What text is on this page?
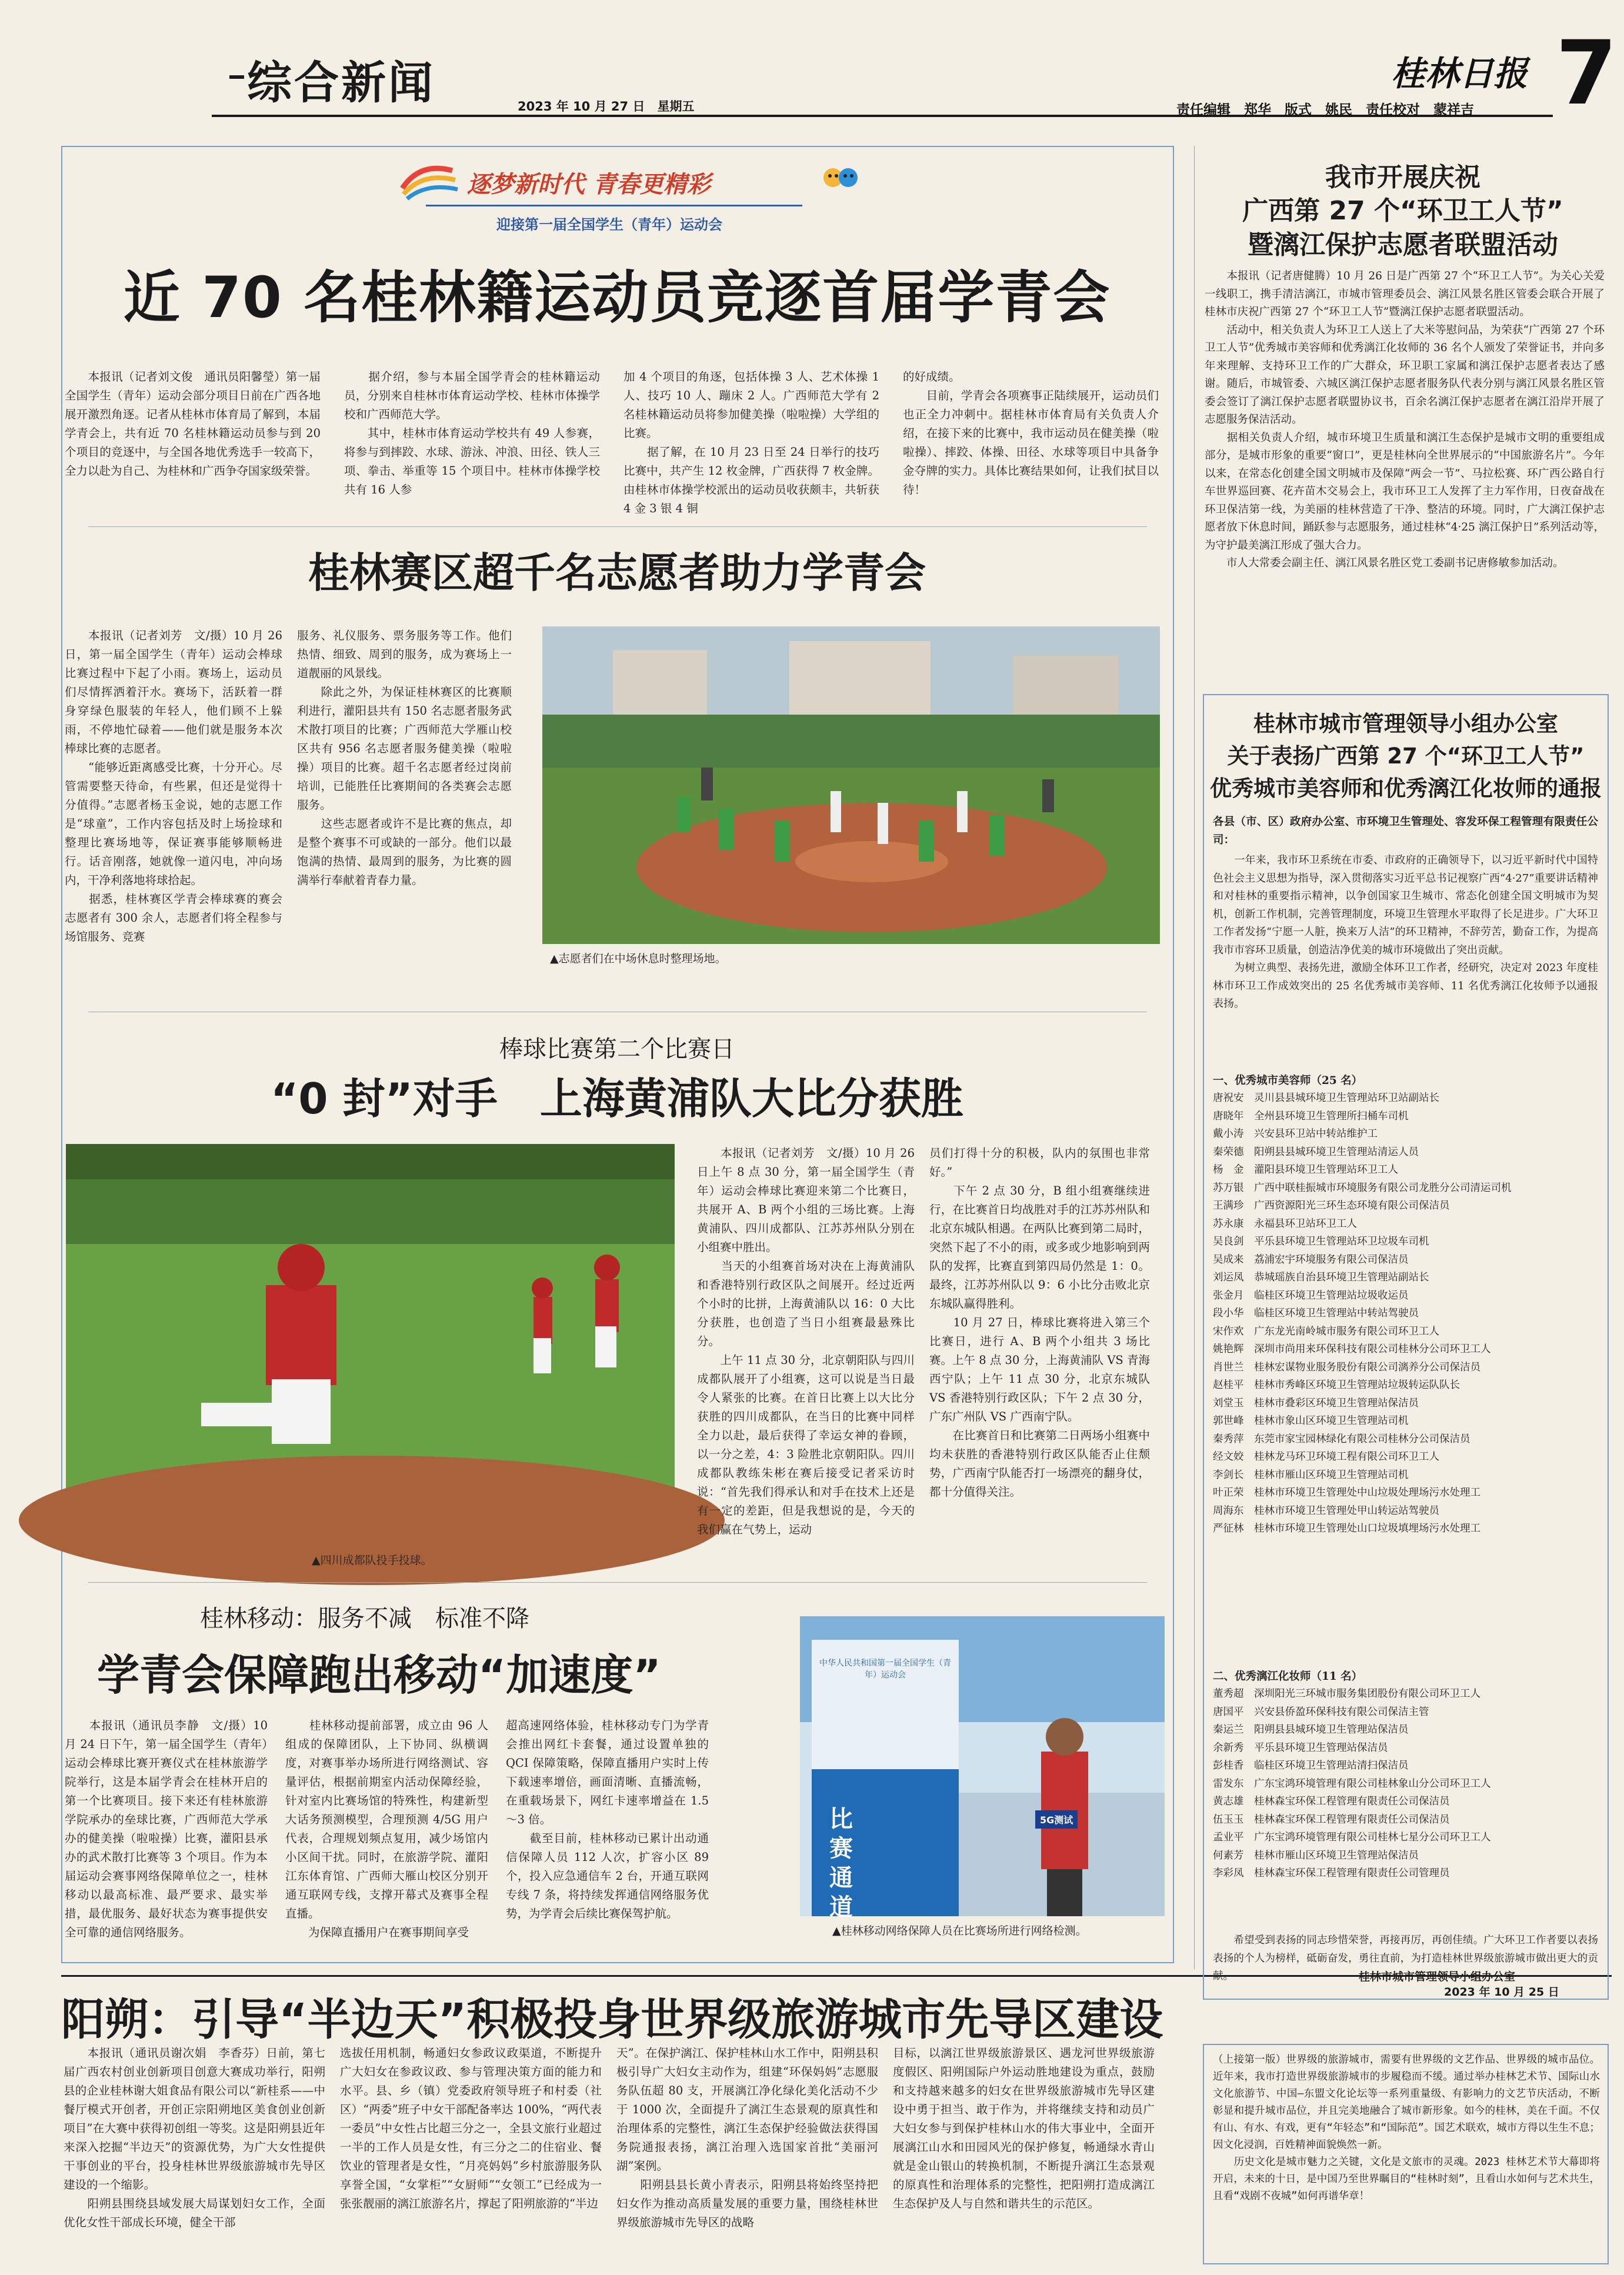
综合新闻	2023 年 10 月 27 日　星期五
桂林日报 7
责任编辑　郑华　版式　姚民　责任校对　蒙祥吉
逐梦新时代 青春更精彩
迎接第一届全国学生（青年）运动会
近 70 名桂林籍运动员竞逐首届学青会
　　本报讯（记者刘文俊　通讯员阳馨瑩）第一届全国学生（青年）运动会部分项目日前在广西各地展开激烈角逐。记者从桂林市体育局了解到，本届学青会上，共有近 70 名桂林籍运动员参与到 20 个项目的竞逐中，与全国各地优秀选手一较高下，全力以赴为自己、为桂林和广西争夺国家级荣誉。
　　据介绍，参与本届全国学青会的桂林籍运动员，分别来自桂林市体育运动学校、桂林市体操学校和广西师范大学。
　　其中，桂林市体育运动学校共有 49 人参赛，将参与到摔跤、水球、游泳、冲浪、田径、铁人三项、拳击、举重等 15 个项目中。桂林市体操学校共有 16 人参
加 4 个项目的角逐，包括体操 3 人、艺术体操 1 人、技巧 10 人、蹦床 2 人。广西师范大学有 2 名桂林籍运动员将参加健美操（啦啦操）大学组的比赛。
　　据了解，在 10 月 23 日至 24 日举行的技巧比赛中，共产生 12 枚金牌，广西获得 7 枚金牌。由桂林市体操学校派出的运动员收获颇丰，共斩获 4 金 3 银 4 铜
的好成绩。
　　目前，学青会各项赛事正陆续展开，运动员们也正全力冲刺中。据桂林市体育局有关负责人介绍，在接下来的比赛中，我市运动员在健美操（啦啦操）、摔跤、体操、田径、水球等项目中具备争金夺牌的实力。具体比赛结果如何，让我们拭目以待！
桂林赛区超千名志愿者助力学青会
　　本报讯（记者刘芳　文/摄）10 月 26 日，第一届全国学生（青年）运动会棒球比赛过程中下起了小雨。赛场上，运动员们尽情挥洒着汗水。赛场下，活跃着一群身穿绿色服装的年轻人，他们顾不上躲雨，不停地忙碌着——他们就是服务本次棒球比赛的志愿者。
　　“能够近距离感受比赛，十分开心。尽管需要整天待命，有些累，但还是觉得十分值得。”志愿者杨玉金说，她的志愿工作是“球童”，工作内容包括及时上场捡球和整理比赛场地等，保证赛事能够顺畅进行。话音刚落，她就像一道闪电，冲向场内，干净利落地将球拾起。
　　据悉，桂林赛区学青会棒球赛的赛会志愿者有 300 余人，志愿者们将全程参与场馆服务、竞赛
服务、礼仪服务、票务服务等工作。他们热情、细致、周到的服务，成为赛场上一道靓丽的风景线。
　　除此之外，为保证桂林赛区的比赛顺利进行，灌阳县共有 150 名志愿者服务武术散打项目的比赛；广西师范大学雁山校区共有 956 名志愿者服务健美操（啦啦操）项目的比赛。超千名志愿者经过岗前培训，已能胜任比赛期间的各类赛会志愿服务。
　　这些志愿者或许不是比赛的焦点，却是整个赛事不可或缺的一部分。他们以最饱满的热情、最周到的服务，为比赛的圆满举行奉献着青春力量。
▲志愿者们在中场休息时整理场地。
棒球比赛第二个比赛日
“0 封”对手　上海黄浦队大比分获胜
▲四川成都队投手投球。
　　本报讯（记者刘芳　文/摄）10 月 26 日上午 8 点 30 分，第一届全国学生（青年）运动会棒球比赛迎来第二个比赛日，共展开 A、B 两个小组的三场比赛。上海黄浦队、四川成都队、江苏苏州队分别在小组赛中胜出。
　　当天的小组赛首场对决在上海黄浦队和香港特别行政区队之间展开。经过近两个小时的比拼，上海黄浦队以 16：0 大比分获胜，也创造了当日小组赛最悬殊比分。
　　上午 11 点 30 分，北京朝阳队与四川成都队展开了小组赛，这可以说是当日最令人紧张的比赛。在首日比赛上以大比分获胜的四川成都队，在当日的比赛中同样全力以赴，最后获得了幸运女神的眷顾，以一分之差，4：3 险胜北京朝阳队。四川成都队教练朱彬在赛后接受记者采访时说：“首先我们得承认和对手在技术上还是有一定的差距，但是我想说的是，今天的我们赢在气势上，运动
员们打得十分的积极，队内的氛围也非常好。”
　　下午 2 点 30 分，B 组小组赛继续进行，在比赛首日均战胜对手的江苏苏州队和北京东城队相遇。在两队比赛到第二局时，突然下起了不小的雨，或多或少地影响到两队的发挥，比赛直到第四局仍然是 1：0。最终，江苏苏州队以 9：6 小比分击败北京东城队赢得胜利。
　　10 月 27 日，棒球比赛将进入第三个比赛日，进行 A、B 两个小组共 3 场比赛。上午 8 点 30 分，上海黄浦队 VS 青海西宁队；上午 11 点 30 分，北京东城队 VS 香港特别行政区队；下午 2 点 30 分，广东广州队 VS 广西南宁队。
　　在比赛首日和比赛第二日两场小组赛中均未获胜的香港特别行政区队能否止住颓势，广西南宁队能否打一场漂亮的翻身仗，都十分值得关注。
桂林移动：服务不减　标准不降
学青会保障跑出移动“加速度”
　　本报讯（通讯员李静　文/摄）10 月 24 日下午，第一届全国学生（青年）运动会棒球比赛开赛仪式在桂林旅游学院举行，这是本届学青会在桂林开启的第一个比赛项目。接下来还有桂林旅游学院承办的垒球比赛，广西师范大学承办的健美操（啦啦操）比赛，灌阳县承办的武术散打比赛等 3 个项目。作为本届运动会赛事网络保障单位之一，桂林移动以最高标准、最严要求、最实举措，最优服务、最好状态为赛事提供安全可靠的通信网络服务。
　　桂林移动提前部署，成立由 96 人组成的保障团队，上下协同、纵横调度，对赛事举办场所进行网络测试、容量评估，根据前期室内活动保障经验，针对室内比赛场馆的特殊性，构建新型大话务预测模型，合理预测 4/5G 用户代表，合理规划频点复用，减少场馆内小区间干扰。同时，在旅游学院、灌阳江东体育馆、广西师大雁山校区分别开通互联网专线，支撑开幕式及赛事全程直播。
　　为保障直播用户在赛事期间享受
超高速网络体验，桂林移动专门为学青会推出网红卡套餐，通过设置单独的 QCI 保障策略，保障直播用户实时上传下载速率增倍，画面清晰、直播流畅，在重载场景下，网红卡速率增益在 1.5～3 倍。
　　截至目前，桂林移动已累计出动通信保障人员 112 人次，扩容小区 89 个，投入应急通信车 2 台，开通互联网专线 7 条，将持续发挥通信网络服务优势，为学青会后续比赛保驾护航。
中华人民共和国第一届全国学生（青年）运动会
比赛通道
5G测试
▲桂林移动网络保障人员在比赛场所进行网络检测。
阳朔：引导“半边天”积极投身世界级旅游城市先导区建设
　　本报讯（通讯员谢次娟　李香芬）日前，第七届广西农村创业创新项目创意大赛成功举行，阳朔县的企业桂林谢大姐食品有限公司以“新桂系——中餐厅模式开创者，开创正宗阳朔地区美食创业创新项目”在大赛中获得初创组一等奖。这是阳朔县近年来深入挖掘“半边天”的资源优势，为广大女性提供干事创业的平台，投身桂林世界级旅游城市先导区建设的一个缩影。
　　阳朔县围绕县域发展大局谋划妇女工作，全面优化女性干部成长环境，健全干部
选拔任用机制，畅通妇女参政议政渠道，不断提升广大妇女在参政议政、参与管理决策方面的能力和水平。县、乡（镇）党委政府领导班子和村委（社区）“两委”班子中女干部配备率达 100%，“两代表一委员”中女性占比超三分之一，全县文旅行业超过一半的工作人员是女性，有三分之二的住宿业、餐饮业的管理者是女性，“月亮妈妈”乡村旅游服务队享誉全国，“女掌柜”“女厨师”“女领工”已经成为一张张靓丽的漓江旅游名片，撑起了阳朔旅游的“半边
天”。在保护漓江、保护桂林山水工作中，阳朔县积极引导广大妇女主动作为，组建“环保妈妈”志愿服务队伍超 80 支，开展漓江净化绿化美化活动不少于 1000 次，全面提升了漓江生态景观的原真性和治理体系的完整性，漓江生态保护经验做法获得国务院通报表扬，漓江治理入选国家首批“美丽河湖”案例。
　　阳朔县县长黄小青表示，阳朔县将始终坚持把妇女作为推动高质量发展的重要力量，围绕桂林世界级旅游城市先导区的战略
目标，以漓江世界级旅游景区、遇龙河世界级旅游度假区、阳朔国际户外运动胜地建设为重点，鼓励和支持越来越多的妇女在世界级旅游城市先导区建设中勇于担当、敢于作为，并将继续支持和动员广大妇女参与到保护桂林山水的伟大事业中，全面开展漓江山水和田园风光的保护修复，畅通绿水青山就是金山银山的转换机制，不断提升漓江生态景观的原真性和治理体系的完整性，把阳朔打造成漓江生态保护及人与自然和谐共生的示范区。
我市开展庆祝
广西第 27 个“环卫工人节”
暨漓江保护志愿者联盟活动
　　本报讯（记者唐健腾）10 月 26 日是广西第 27 个“环卫工人节”。为关心关爱一线职工，携手清洁漓江，市城市管理委员会、漓江风景名胜区管委会联合开展了桂林市庆祝广西第 27 个“环卫工人节”暨漓江保护志愿者联盟活动。
　　活动中，相关负责人为环卫工人送上了大米等慰问品，为荣获“广西第 27 个环卫工人节”优秀城市美容师和优秀漓江化妆师的 36 名个人颁发了荣誉证书，并向多年来理解、支持环卫工作的广大群众，环卫职工家属和漓江保护志愿者表达了感谢。随后，市城管委、六城区漓江保护志愿者服务队代表分别与漓江风景名胜区管委会签订了漓江保护志愿者联盟协议书，百余名漓江保护志愿者在漓江沿岸开展了志愿服务保洁活动。
　　据相关负责人介绍，城市环境卫生质量和漓江生态保护是城市文明的重要组成部分，是城市形象的重要“窗口”，更是桂林向全世界展示的“中国旅游名片”。今年以来，在常态化创建全国文明城市及保障“两会一节”、马拉松赛、环广西公路自行车世界巡回赛、花卉苗木交易会上，我市环卫工人发挥了主力军作用，日夜奋战在环卫保洁第一线，为美丽的桂林营造了干净、整洁的环境。同时，广大漓江保护志愿者放下休息时间，踊跃参与志愿服务，通过桂林“4·25 漓江保护日”系列活动等，为守护最美漓江形成了强大合力。
　　市人大常委会副主任、漓江风景名胜区党工委副书记唐修敏参加活动。
桂林市城市管理领导小组办公室
关于表扬广西第 27 个“环卫工人节”
优秀城市美容师和优秀漓江化妆师的通报
各县（市、区）政府办公室、市环境卫生管理处、容发环保工程管理有限责任公司：
　　一年来，我市环卫系统在市委、市政府的正确领导下，以习近平新时代中国特色社会主义思想为指导，深入贯彻落实习近平总书记视察广西“4·27”重要讲话精神和对桂林的重要指示精神，以争创国家卫生城市、常态化创建全国文明城市为契机，创新工作机制，完善管理制度，环境卫生管理水平取得了长足进步。广大环卫工作者发扬“宁愿一人脏，换来万人洁”的环卫精神，不辞劳苦，勤奋工作，为提高我市市容环卫质量，创造洁净优美的城市环境做出了突出贡献。
　　为树立典型、表扬先进，激励全体环卫工作者，经研究，决定对 2023 年度桂林市环卫工作成效突出的 25 名优秀城市美容师、11 名优秀漓江化妆师予以通报表扬。
一、优秀城市美容师（25 名）
唐祝安　灵川县县城环境卫生管理站环卫站副站长
唐晓年　全州县环境卫生管理所扫桶车司机
戴小涛　兴安县环卫站中转站维护工
秦荣德　阳朔县县城环境卫生管理站清运人员
杨　金　灌阳县环境卫生管理站环卫工人
苏万银　广西中联桂振城市环境服务有限公司龙胜分公司清运司机
王满珍　广西资源阳光三环生态环境有限公司保洁员
苏永康　永福县环卫站环卫工人
吴良剑　平乐县环境卫生管理站环卫垃圾车司机
吴成来　荔浦宏宇环境服务有限公司保洁员
刘运凤　恭城瑶族自治县环境卫生管理站副站长
张金月　临桂区环境卫生管理站垃圾收运员
段小华　临桂区环境卫生管理站中转站驾驶员
宋作欢　广东龙光南岭城市服务有限公司环卫工人
姚艳辉　深圳市尚用来环保科技有限公司桂林分公司环卫工人
肖世兰　桂林宏谋物业服务股份有限公司漓养分公司保洁员
赵桂平　桂林市秀峰区环境卫生管理站垃圾转运队队长
刘堂玉　桂林市叠彩区环境卫生管理站保洁员
郭世峰　桂林市象山区环境卫生管理站司机
秦秀萍　东莞市家宝园林绿化有限公司桂林分公司保洁员
经文姣　桂林龙马环卫环境工程有限公司环卫工人
李剑长　桂林市雁山区环境卫生管理站司机
叶正荣　桂林市环境卫生管理处中山垃圾处理场污水处理工
周海东　桂林市环境卫生管理处甲山转运站驾驶员
严征林　桂林市环境卫生管理处山口垃圾填埋场污水处理工
二、优秀漓江化妆师（11 名）
董秀超　深圳阳光三环城市服务集团股份有限公司环卫工人
唐国平　兴安县侨盈环保科技有限公司保洁主管
秦运兰　阳朔县县城环境卫生管理站保洁员
余新秀　平乐县环境卫生管理站保洁员
彭桂香　临桂区环境卫生管理站清扫保洁员
雷发东　广东宝鸿环境管理有限公司桂林象山分公司环卫工人
黄志雄　桂林森宝环保工程管理有限责任公司保洁员
伍玉玉　桂林森宝环保工程管理有限责任公司保洁员
孟业平　广东宝鸿环境管理有限公司桂林七星分公司环卫工人
何素芳　桂林市雁山区环境卫生管理站保洁员
李彩凤　桂林森宝环保工程管理有限责任公司管理员
　　希望受到表扬的同志珍惜荣誉，再接再厉，再创佳绩。广大环卫工作者要以表扬表扬的个人为榜样，砥砺奋发，勇往直前，为打造桂林世界级旅游城市做出更大的贡献。	桂林市城市管理领导小组办公室
2023 年 10 月 25 日
（上接第一版）世界级的旅游城市，需要有世界级的文艺作品、世界级的城市品位。近年来，我市打造世界级旅游城市的步履稳而不缓。通过举办桂林艺术节、国际山水文化旅游节、中国—东盟文化论坛等一系列重量级、有影响力的文艺节庆活动，不断彰显和提升城市品位，并且完美地融合了城市新形象。如今的桂林，美在千面。不仅有山、有水、有戏，更有“年轻态”和“国际范”。国艺术联欢，城市方得以生生不息；因文化浸润，百姓精神面貌焕然一新。
　　历史文化是城市魅力之关键，文化是文旅市的灵魂。2023 桂林艺术节大幕即将开启，未来的十日，是中国乃至世界瞩目的“桂林时刻”，且看山水如何与艺术共生，且看“戏剧不夜城”如何再谱华章！
